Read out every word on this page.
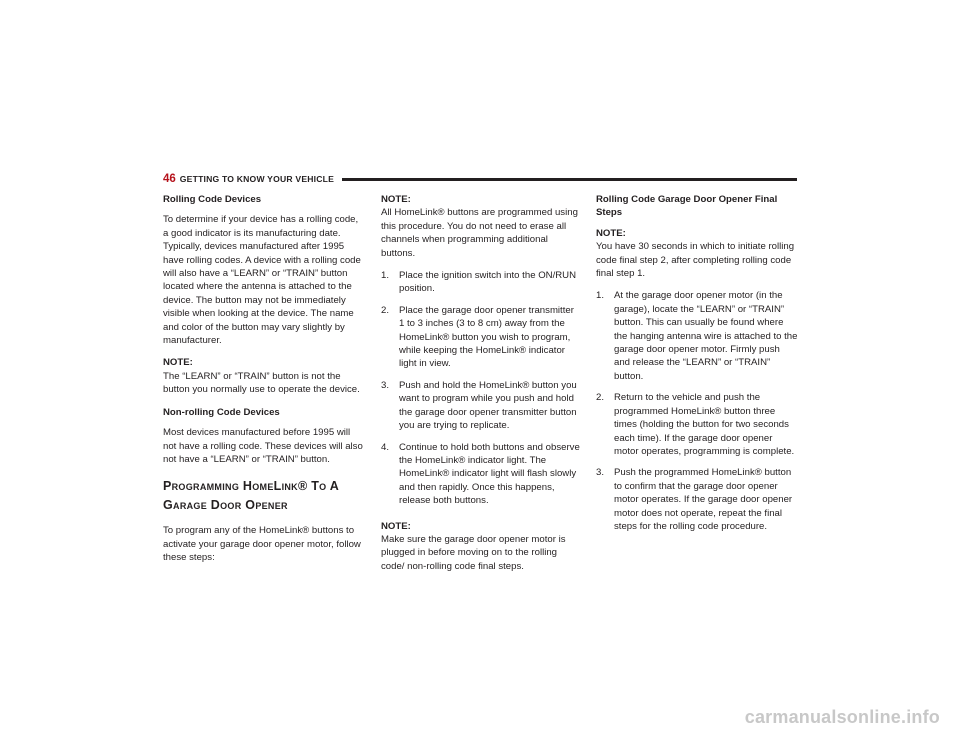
46 GETTING TO KNOW YOUR VEHICLE
Rolling Code Devices

To determine if your device has a rolling code, a good indicator is its manufacturing date. Typically, devices manufactured after 1995 have rolling codes. A device with a rolling code will also have a “LEARN” or “TRAIN” button located where the antenna is attached to the device. The button may not be immediately visible when looking at the device. The name and color of the button may vary slightly by manufacturer.

NOTE:
The “LEARN” or “TRAIN” button is not the button you normally use to operate the device.
Non-rolling Code Devices

Most devices manufactured before 1995 will not have a rolling code. These devices will also not have a “LEARN” or “TRAIN” button.

Programming HomeLink® To A
Garage Door Opener

To program any of the HomeLink® buttons to activate your garage door opener motor, follow these steps:

NOTE:
All HomeLink® buttons are programmed using this procedure. You do not need to erase all channels when programming additional buttons.
1.	Place the ignition switch into the ON/RUN position.
2.	Place the garage door opener transmitter 1 to 3 inches (3 to 8 cm) away from the HomeLink® button you wish to program, while keeping the HomeLink® indicator light in view.
3.	Push and hold the HomeLink® button you want to program while you push and hold the garage door opener transmitter button you are trying to replicate.
4.	Continue to hold both buttons and observe the HomeLink® indicator light. The HomeLink® indicator light will flash slowly and then rapidly. Once this happens, release both buttons.
NOTE:
Make sure the garage door opener motor is plugged in before moving on to the rolling code/ non-rolling code final steps.
Rolling Code Garage Door Opener Final Steps
NOTE:
You have 30 seconds in which to initiate rolling code final step 2, after completing rolling code final step 1.
1.	At the garage door opener motor (in the garage), locate the “LEARN” or “TRAIN” button. This can usually be found where the hanging antenna wire is attached to the garage door opener motor. Firmly push and release the “LEARN” or “TRAIN” button.
2.	Return to the vehicle and push the programmed HomeLink® button three times (holding the button for two seconds each time). If the garage door opener motor operates, programming is complete.
3.	Push the programmed HomeLink® button to confirm that the garage door opener motor operates. If the garage door opener motor does not operate, repeat the final steps for the rolling code procedure.
carmanualsonline.info
